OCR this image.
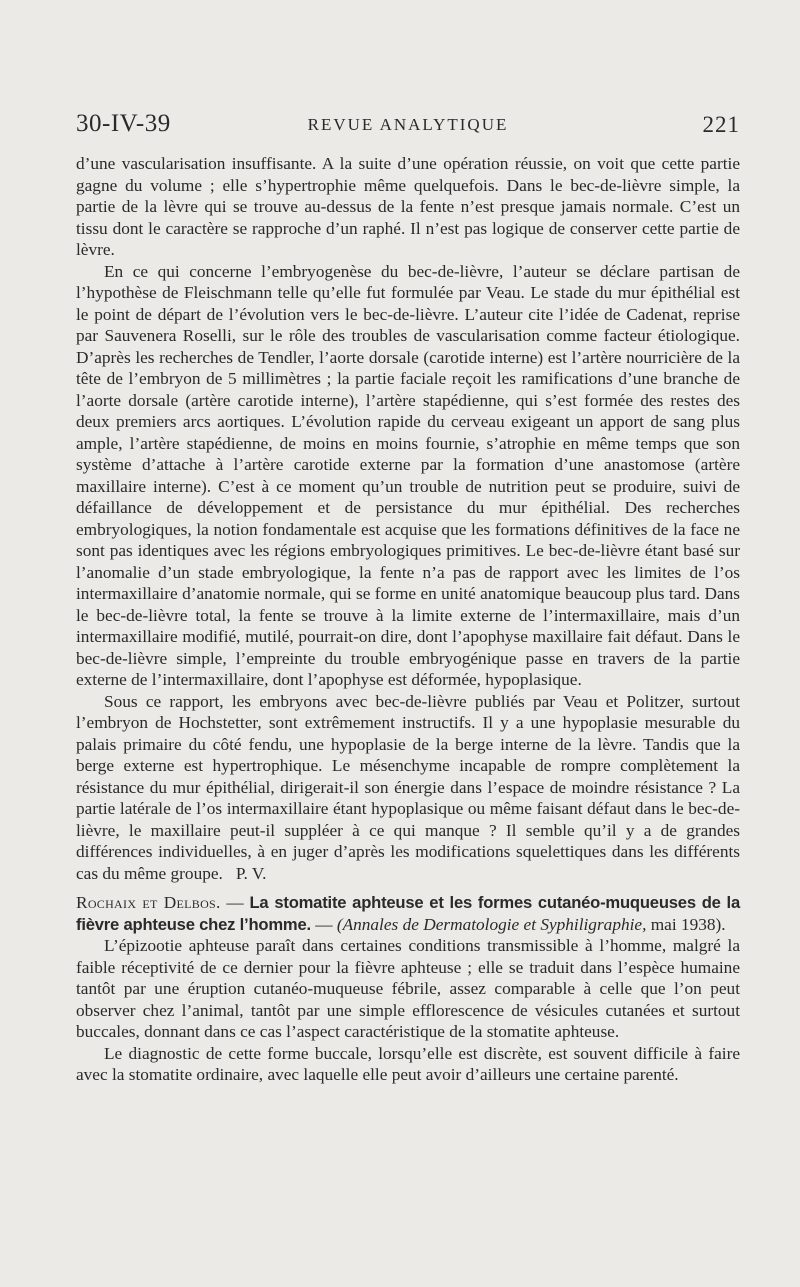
30-IV-39	REVUE ANALYTIQUE	221

d’une vascularisation insuffisante. A la suite d’une opération réussie, on voit que cette partie gagne du volume ; elle s’hypertrophie même quelquefois. Dans le bec-de-lièvre simple, la partie de la lèvre qui se trouve au-dessus de la fente n’est presque jamais normale. C’est un tissu dont le caractère se rapproche d’un raphé. Il n’est pas logique de conserver cette partie de lèvre.

En ce qui concerne l’embryogenèse du bec-de-lièvre, l’auteur se déclare partisan de l’hypothèse de Fleischmann telle qu’elle fut formulée par Veau. Le stade du mur épithélial est le point de départ de l’évolution vers le bec-de-lièvre. L’auteur cite l’idée de Cadenat, reprise par Sauvenera Roselli, sur le rôle des troubles de vascularisation comme facteur étiologique. D’après les recherches de Tendler, l’aorte dorsale (carotide interne) est l’artère nourricière de la tête de l’embryon de 5 millimètres ; la partie faciale reçoit les ramifications d’une branche de l’aorte dorsale (artère carotide interne), l’artère stapédienne, qui s’est formée des restes des deux premiers arcs aortiques. L’évolution rapide du cerveau exigeant un apport de sang plus ample, l’artère stapédienne, de moins en moins fournie, s’atrophie en même temps que son système d’attache à l’artère carotide externe par la formation d’une anastomose (artère maxillaire interne). C’est à ce moment qu’un trouble de nutrition peut se produire, suivi de défaillance de développement et de persistance du mur épithélial. Des recherches embryologiques, la notion fondamentale est acquise que les formations définitives de la face ne sont pas identiques avec les régions embryologiques primitives. Le bec-de-lièvre étant basé sur l’anomalie d’un stade embryologique, la fente n’a pas de rapport avec les limites de l’os intermaxillaire d’anatomie normale, qui se forme en unité anatomique beaucoup plus tard. Dans le bec-de-lièvre total, la fente se trouve à la limite externe de l’intermaxillaire, mais d’un intermaxillaire modifié, mutilé, pourrait-on dire, dont l’apophyse maxillaire fait défaut. Dans le bec-de-lièvre simple, l’empreinte du trouble embryogénique passe en travers de la partie externe de l’intermaxillaire, dont l’apophyse est déformée, hypoplasique.

Sous ce rapport, les embryons avec bec-de-lièvre publiés par Veau et Politzer, surtout l’embryon de Hochstetter, sont extrêmement instructifs. Il y a une hypoplasie mesurable du palais primaire du côté fendu, une hypoplasie de la berge interne de la lèvre. Tandis que la berge externe est hypertrophique. Le mésenchyme incapable de rompre complètement la résistance du mur épithélial, dirigerait-il son énergie dans l’espace de moindre résistance ? La partie latérale de l’os intermaxillaire étant hypoplasique ou même faisant défaut dans le bec-de-lièvre, le maxillaire peut-il suppléer à ce qui manque ? Il semble qu’il y a de grandes différences individuelles, à en juger d’après les modifications squelettiques dans les différents cas du même groupe. P. V.

Rochaix et Delbos. — La stomatite aphteuse et les formes cutanéo-muqueuses de la fièvre aphteuse chez l’homme. — (Annales de Dermatologie et Syphiligraphie, mai 1938).

L’épizootie aphteuse paraît dans certaines conditions transmissible à l’homme, malgré la faible réceptivité de ce dernier pour la fièvre aphteuse ; elle se traduit dans l’espèce humaine tantôt par une éruption cutanéo-muqueuse fébrile, assez comparable à celle que l’on peut observer chez l’animal, tantôt par une simple efflorescence de vésicules cutanées et surtout buccales, donnant dans ce cas l’aspect caractéristique de la stomatite aphteuse.

Le diagnostic de cette forme buccale, lorsqu’elle est discrète, est souvent difficile à faire avec la stomatite ordinaire, avec laquelle elle peut avoir d’ailleurs une certaine parenté.
